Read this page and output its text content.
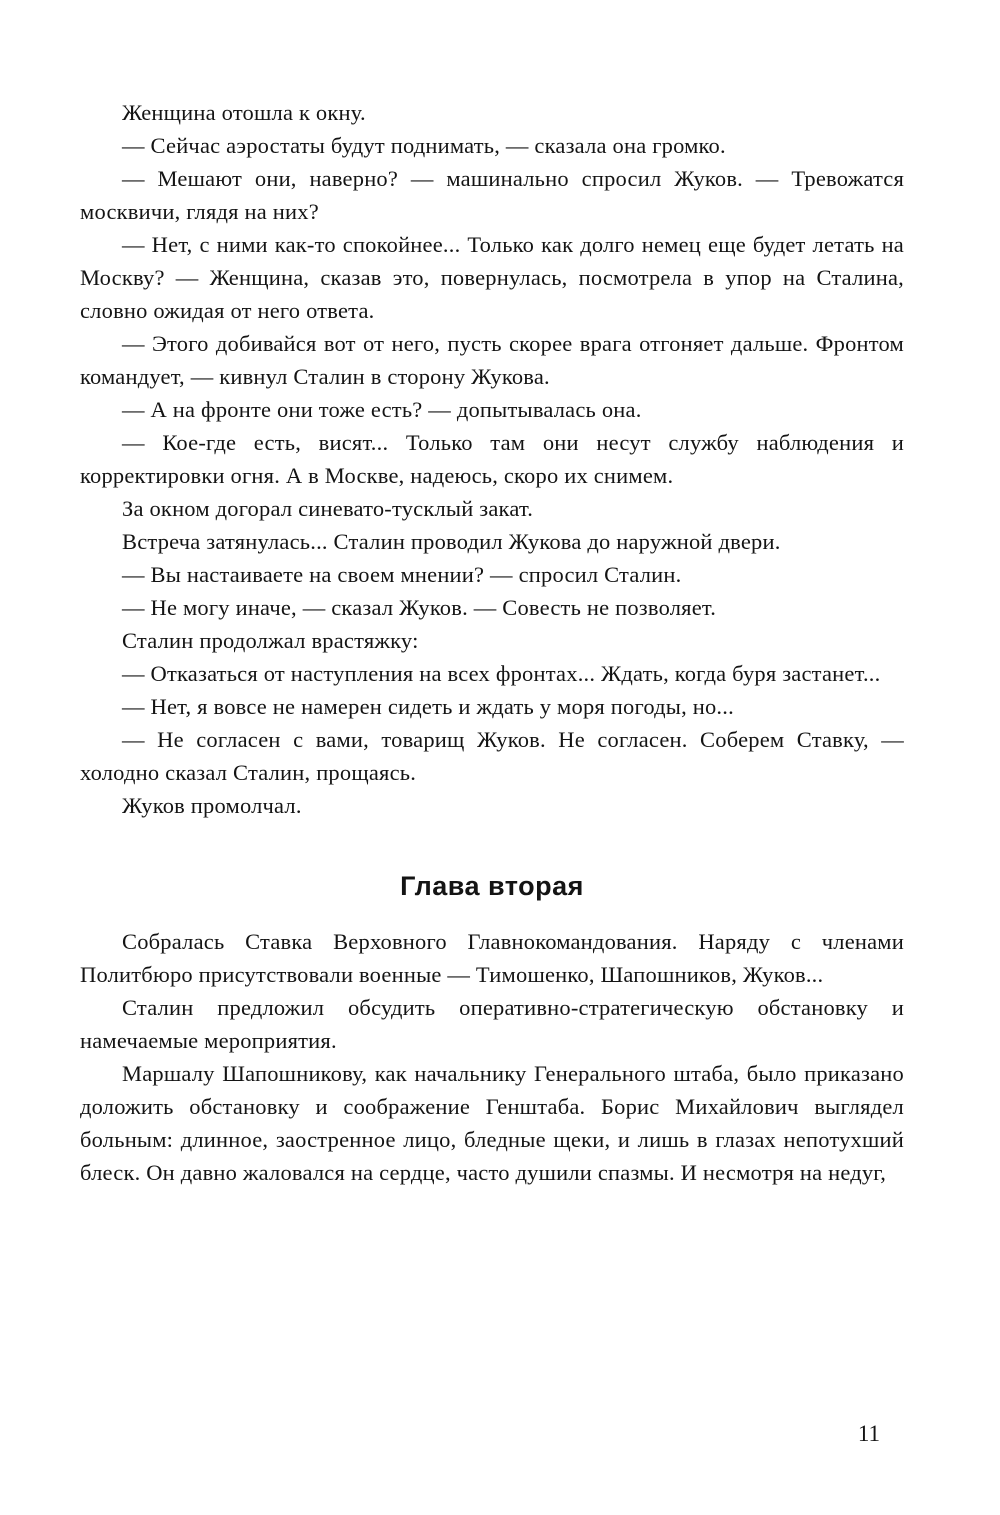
Женщина отошла к окну.

— Сейчас аэростаты будут поднимать, — сказала она громко.

— Мешают они, наверно? — машинально спросил Жуков. — Тревожатся москвичи, глядя на них?

— Нет, с ними как-то спокойнее... Только как долго немец еще будет летать на Москву? — Женщина, сказав это, повернулась, посмотрела в упор на Сталина, словно ожидая от него ответа.

— Этого добивайся вот от него, пусть скорее врага отгоняет дальше. Фронтом командует, — кивнул Сталин в сторону Жукова.

— А на фронте они тоже есть? — допытывалась она.

— Кое-где есть, висят... Только там они несут службу наблюдения и корректировки огня. А в Москве, надеюсь, скоро их снимем.

За окном догорал синевато-тусклый закат.

Встреча затянулась... Сталин проводил Жукова до наружной двери.

— Вы настаиваете на своем мнении? — спросил Сталин.

— Не могу иначе, — сказал Жуков. — Совесть не позволяет.

Сталин продолжал врастяжку:

— Отказаться от наступления на всех фронтах... Ждать, когда буря застанет...

— Нет, я вовсе не намерен сидеть и ждать у моря погоды, но...

— Не согласен с вами, товарищ Жуков. Не согласен. Соберем Ставку, — холодно сказал Сталин, прощаясь.

Жуков промолчал.

Глава вторая

Собралась Ставка Верховного Главнокомандования. Наряду с членами Политбюро присутствовали военные — Тимошенко, Шапошников, Жуков...

Сталин предложил обсудить оперативно-стратегическую обстановку и намечаемые мероприятия.

Маршалу Шапошникову, как начальнику Генерального штаба, было приказано доложить обстановку и соображение Генштаба. Борис Михайлович выглядел больным: длинное, заостренное лицо, бледные щеки, и лишь в глазах непотухший блеск. Он давно жаловался на сердце, часто душили спазмы. И несмотря на недуг,

11
